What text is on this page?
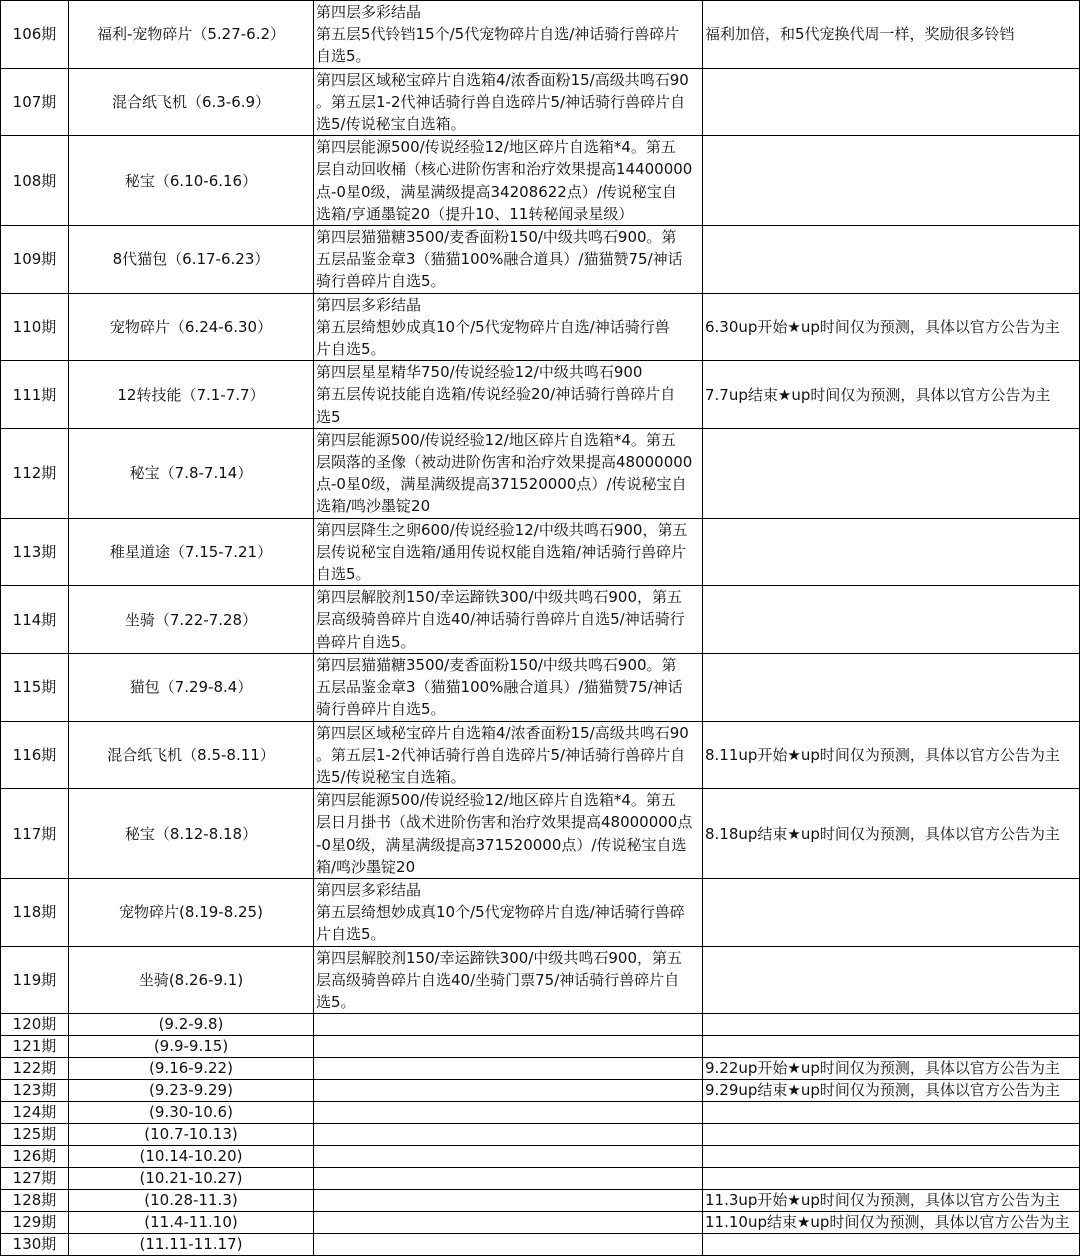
106期	福利-宠物碎片（5.27-6.2）	第四层多彩结晶
第五层5代铃铛15个/5代宠物碎片自选/神话骑行兽碎片
自选5。	福利加倍，和5代宠换代周一样，奖励很多铃铛
107期	混合纸飞机（6.3-6.9）	第四层区域秘宝碎片自选箱4/浓香面粉15/高级共鸣石90
。第五层1-2代神话骑行兽自选碎片5/神话骑行兽碎片自
选5/传说秘宝自选箱。	
108期	秘宝（6.10-6.16）	第四层能源500/传说经验12/地区碎片自选箱*4。第五
层自动回收桶（核心进阶伤害和治疗效果提高14400000
点-0星0级，满星满级提高34208622点）/传说秘宝自
选箱/亨通墨锭20（提升10、11转秘闻录星级）	
109期	8代猫包（6.17-6.23）	第四层猫猫糖3500/麦香面粉150/中级共鸣石900。第
五层品鉴金章3（猫猫100%融合道具）/猫猫赞75/神话
骑行兽碎片自选5。	
110期	宠物碎片（6.24-6.30）	第四层多彩结晶
第五层绮想妙成真10个/5代宠物碎片自选/神话骑行兽
片自选5。	6.30up开始★up时间仅为预测，具体以官方公告为主
111期	12转技能（7.1-7.7）	第四层星星精华750/传说经验12/中级共鸣石900
第五层传说技能自选箱/传说经验20/神话骑行兽碎片自
选5	7.7up结束★up时间仅为预测，具体以官方公告为主
112期	秘宝（7.8-7.14）	第四层能源500/传说经验12/地区碎片自选箱*4。第五
层陨落的圣像（被动进阶伤害和治疗效果提高48000000
点-0星0级，满星满级提高371520000点）/传说秘宝自
选箱/鸣沙墨锭20	
113期	稚星道途（7.15-7.21）	第四层降生之卵600/传说经验12/中级共鸣石900，第五
层传说秘宝自选箱/通用传说权能自选箱/神话骑行兽碎片
自选5。	
114期	坐骑（7.22-7.28）	第四层解胶剂150/幸运蹄铁300/中级共鸣石900，第五
层高级骑兽碎片自选40/神话骑行兽碎片自选5/神话骑行
兽碎片自选5。	
115期	猫包（7.29-8.4）	第四层猫猫糖3500/麦香面粉150/中级共鸣石900。第
五层品鉴金章3（猫猫100%融合道具）/猫猫赞75/神话
骑行兽碎片自选5。	
116期	混合纸飞机（8.5-8.11）	第四层区域秘宝碎片自选箱4/浓香面粉15/高级共鸣石90
。第五层1-2代神话骑行兽自选碎片5/神话骑行兽碎片自
选5/传说秘宝自选箱。	8.11up开始★up时间仅为预测，具体以官方公告为主
117期	秘宝（8.12-8.18）	第四层能源500/传说经验12/地区碎片自选箱*4。第五
层日月掛书（战术进阶伤害和治疗效果提高48000000点
-0星0级，满星满级提高371520000点）/传说秘宝自选
箱/鸣沙墨锭20	8.18up结束★up时间仅为预测，具体以官方公告为主
118期	宠物碎片(8.19-8.25)	第四层多彩结晶
第五层绮想妙成真10个/5代宠物碎片自选/神话骑行兽碎
片自选5。	
119期	坐骑(8.26-9.1)	第四层解胶剂150/幸运蹄铁300/中级共鸣石900，第五
层高级骑兽碎片自选40/坐骑门票75/神话骑行兽碎片自
选5。	
120期	(9.2-9.8)		
121期	(9.9-9.15)		
122期	(9.16-9.22)		9.22up开始★up时间仅为预测，具体以官方公告为主
123期	(9.23-9.29)		9.29up结束★up时间仅为预测，具体以官方公告为主
124期	(9.30-10.6)		
125期	(10.7-10.13)		
126期	(10.14-10.20)		
127期	(10.21-10.27)		
128期	(10.28-11.3)		11.3up开始★up时间仅为预测，具体以官方公告为主
129期	(11.4-11.10)		11.10up结束★up时间仅为预测，具体以官方公告为主
130期	(11.11-11.17)		
